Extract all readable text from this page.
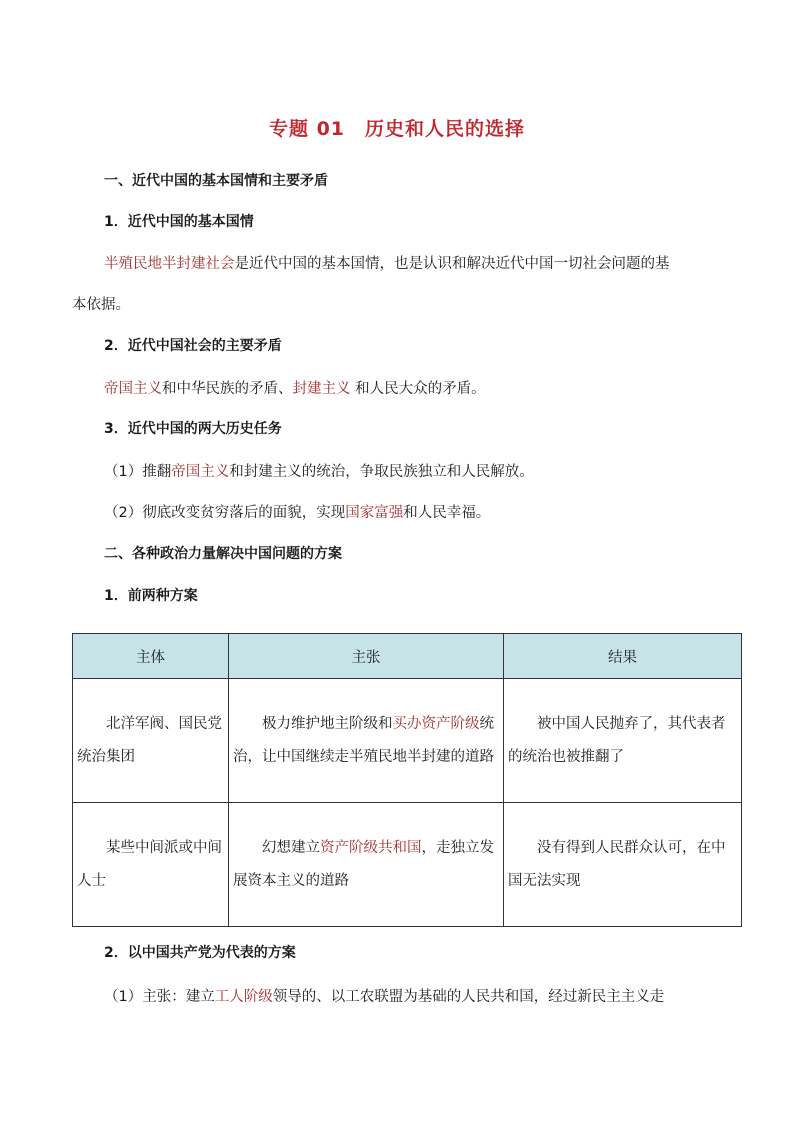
专题 01　历史和人民的选择
一、近代中国的基本国情和主要矛盾
1．近代中国的基本国情
半殖民地半封建社会是近代中国的基本国情，也是认识和解决近代中国一切社会问题的基
本依据。
2．近代中国社会的主要矛盾
帝国主义和中华民族的矛盾、封建主义 和人民大众的矛盾。
3．近代中国的两大历史任务
（1）推翻帝国主义和封建主义的统治，争取民族独立和人民解放。
（2）彻底改变贫穷落后的面貌，实现国家富强和人民幸福。
二、各种政治力量解决中国问题的方案
1．前两种方案
主体	主张	结果
北洋军阀、国民党统治集团	极力维护地主阶级和买办资产阶级统治，让中国继续走半殖民地半封建的道路	被中国人民抛弃了，其代表者的统治也被推翻了
某些中间派或中间人士	幻想建立资产阶级共和国，走独立发展资本主义的道路	没有得到人民群众认可，在中国无法实现
2．以中国共产党为代表的方案
（1）主张：建立工人阶级领导的、以工农联盟为基础的人民共和国，经过新民主主义走
